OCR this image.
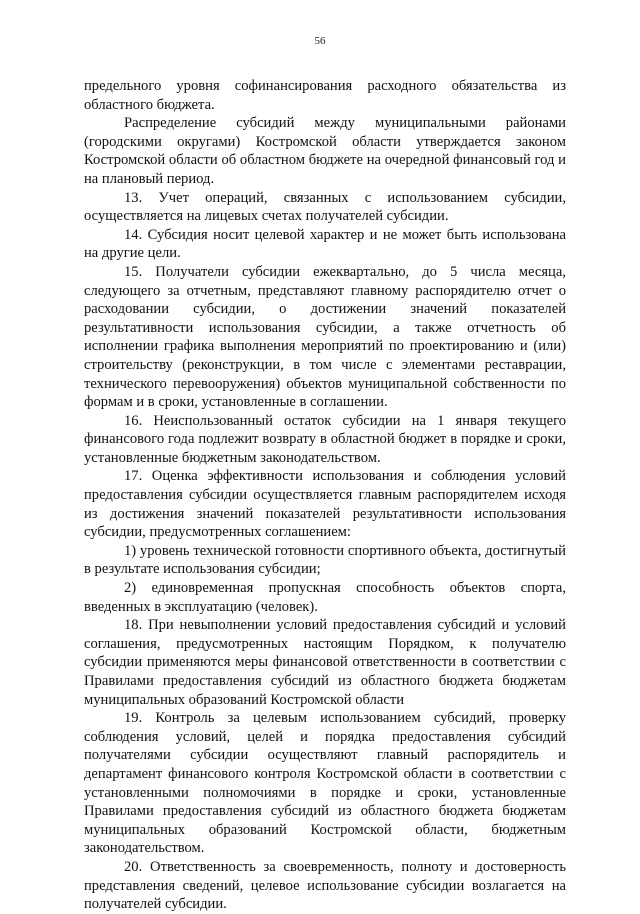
56

предельного уровня софинансирования расходного обязательства из областного бюджета.

Распределение субсидий между муниципальными районами (городскими округами) Костромской области утверждается законом Костромской области об областном бюджете на очередной финансовый год и на плановый период.

13. Учет операций, связанных с использованием субсидии, осуществляется на лицевых счетах получателей субсидии.

14. Субсидия носит целевой характер и не может быть использована на другие цели.

15. Получатели субсидии ежеквартально, до 5 числа месяца, следующего за отчетным, представляют главному распорядителю отчет о расходовании субсидии, о достижении значений показателей результативности использования субсидии, а также отчетность об исполнении графика выполнения мероприятий по проектированию и (или) строительству (реконструкции, в том числе с элементами реставрации, технического перевооружения) объектов муниципальной собственности по формам и в сроки, установленные в соглашении.

16. Неиспользованный остаток субсидии на 1 января текущего финансового года подлежит возврату в областной бюджет в порядке и сроки, установленные бюджетным законодательством.

17. Оценка эффективности использования и соблюдения условий предоставления субсидии осуществляется главным распорядителем исходя из достижения значений показателей результативности использования субсидии, предусмотренных соглашением:

1) уровень технической готовности спортивного объекта, достигнутый в результате использования субсидии;

2) единовременная пропускная способность объектов спорта, введенных в эксплуатацию (человек).

18. При невыполнении условий предоставления субсидий и условий соглашения, предусмотренных настоящим Порядком, к получателю субсидии применяются меры финансовой ответственности в соответствии с Правилами предоставления субсидий из областного бюджета бюджетам муниципальных образований Костромской области

19. Контроль за целевым использованием субсидий, проверку соблюдения условий, целей и порядка предоставления субсидий получателями субсидии осуществляют главный распорядитель и департамент финансового контроля Костромской области в соответствии с установленными полномочиями в порядке и сроки, установленные Правилами предоставления субсидий из областного бюджета бюджетам муниципальных образований Костромской области, бюджетным законодательством.

20. Ответственность за своевременность, полноту и достоверность представления сведений, целевое использование субсидии возлагается на получателей субсидии.
